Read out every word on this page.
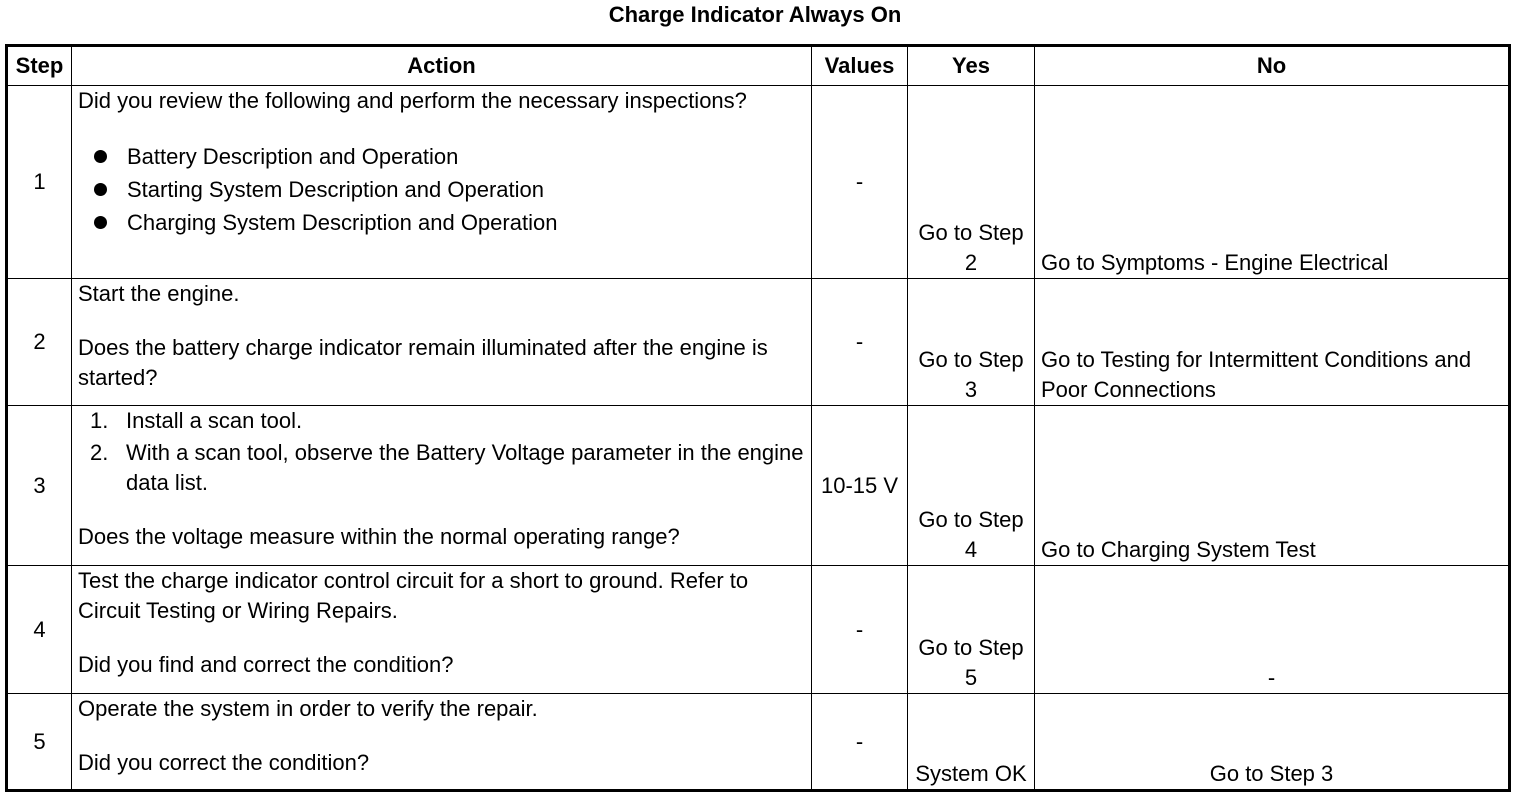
Charge Indicator Always On
Step	Action	Values	Yes	No
1	Did you review the following and perform the necessary inspections?

Battery Description and Operation
Starting System Description and Operation
Charging System Description and Operation	-	Go to Step 2	Go to Symptoms - Engine Electrical
2	Start the engine.

Does the battery charge indicator remain illuminated after the engine is started?	-	Go to Step 3	Go to Testing for Intermittent Conditions and Poor Connections
3	1. Install a scan tool.
2. With a scan tool, observe the Battery Voltage parameter in the engine data list.

Does the voltage measure within the normal operating range?	10-15 V	Go to Step 4	Go to Charging System Test
4	Test the charge indicator control circuit for a short to ground. Refer to Circuit Testing or Wiring Repairs.

Did you find and correct the condition?	-	Go to Step 5	-
5	Operate the system in order to verify the repair.

Did you correct the condition?	-	System OK	Go to Step 3
